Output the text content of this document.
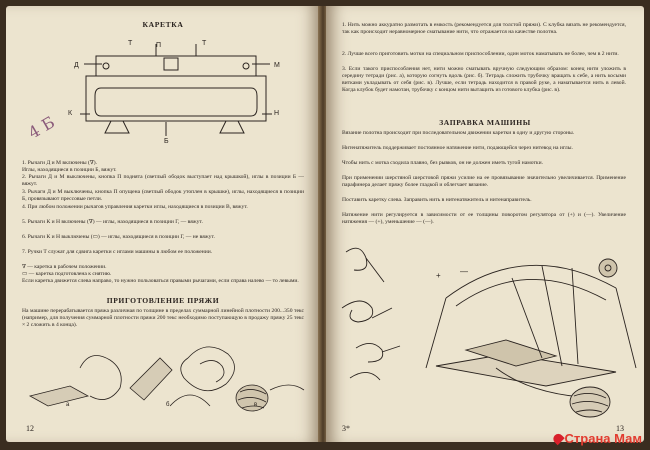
КАРЕТКА

П
Т	Т
Д	М
К
Б
Н
4 Б

1. Рычаги Д и М включены (∇).

Иглы, находящиеся в позиции Б, вяжут.

2. Рычаги Д и М выключены, кнопка П поднята (светлый ободок выступает над крышкой), иглы в позиции Б — вяжут.

3. Рычаги Д и М выключены, кнопка П опущена (светлый ободок утоплен в крышке), иглы, находящиеся в позиции Б, провязывают прессовые петли.

4. При любом положении рычагов управления каретки иглы, находящиеся в позиции В, вяжут.

5. Рычаги К и Н включены (∇) — иглы, находящиеся в позиции Г, — вяжут.

6. Рычаги К и Н выключены (▭) — иглы, находящиеся в позиции Г, — не вяжут.

7. Ручки Т служат для сдвига каретки с иглами машины в любом ее положении.

∇ — каретка в рабочем положении.

▭ — каретка подготовлена к снятию.

Если каретка движется слева направо, то нужно пользоваться правыми рычагами, если справа налево — то левыми.

ПРИГОТОВЛЕНИЕ ПРЯЖИ

На машине перерабатывается пряжа различная по толщине в пределах суммарной линейной плотности 200...350 текс (например, для получения суммарной плотности пряжи 200 текс необходимо поступающую в продажу пряжу 25 текс × 2 сложить в 4 конца).

а	б	в
12

1. Нить можно аккуратно размотать в емкость (рекомендуется для толстой пряжи). С клубка вязать не рекомендуется, так как происходит неравномерное сматывание нити, что отражается на качестве полотна.

2. Лучше всего приготовить мотки на специальном приспособлении, один моток наматывать не более, чем в 2 нити.

3. Если такого приспособления нет, нити можно сматывать вручную следующим образом: конец нити уложить в середину тетради (рис. а), которую согнуть вдоль (рис. б). Тетрадь сложить трубочку вращать к себе, а нить косыми витками укладывать от себя (рис. в). Лучше, если тетрадь находится в правой руке, а наматывается нить в левой. Когда клубок будет намотан, трубочку с концом нити вытащить из готового клубка (рис. в).

ЗАПРАВКА МАШИНЫ

Вязание полотна происходит при последовательном движении каретки в одну и другую стороны.

Нитенатяжитель поддерживает постоянное натяжение нити, подающейся через нитевод на иглы.

Чтобы нить с мотка сходила плавно, без рывков, он не должен иметь тугой намотки.

При применении шерстяной шерстовой пряжи усилие на ее провязывание значительно увеличивается. Применение парафинера делает пряжу более гладкой и облегчает вязание.

Поставить каретку слева. Заправить нить в нитенатяжитель и нитенаправитель.

Натяжение нити регулируется в зависимости от ее толщины поворотом регулятора от (+) и (—). Увеличение натяжения — (+), уменьшение — (—).

+ —
3*	13
Страна Мам
